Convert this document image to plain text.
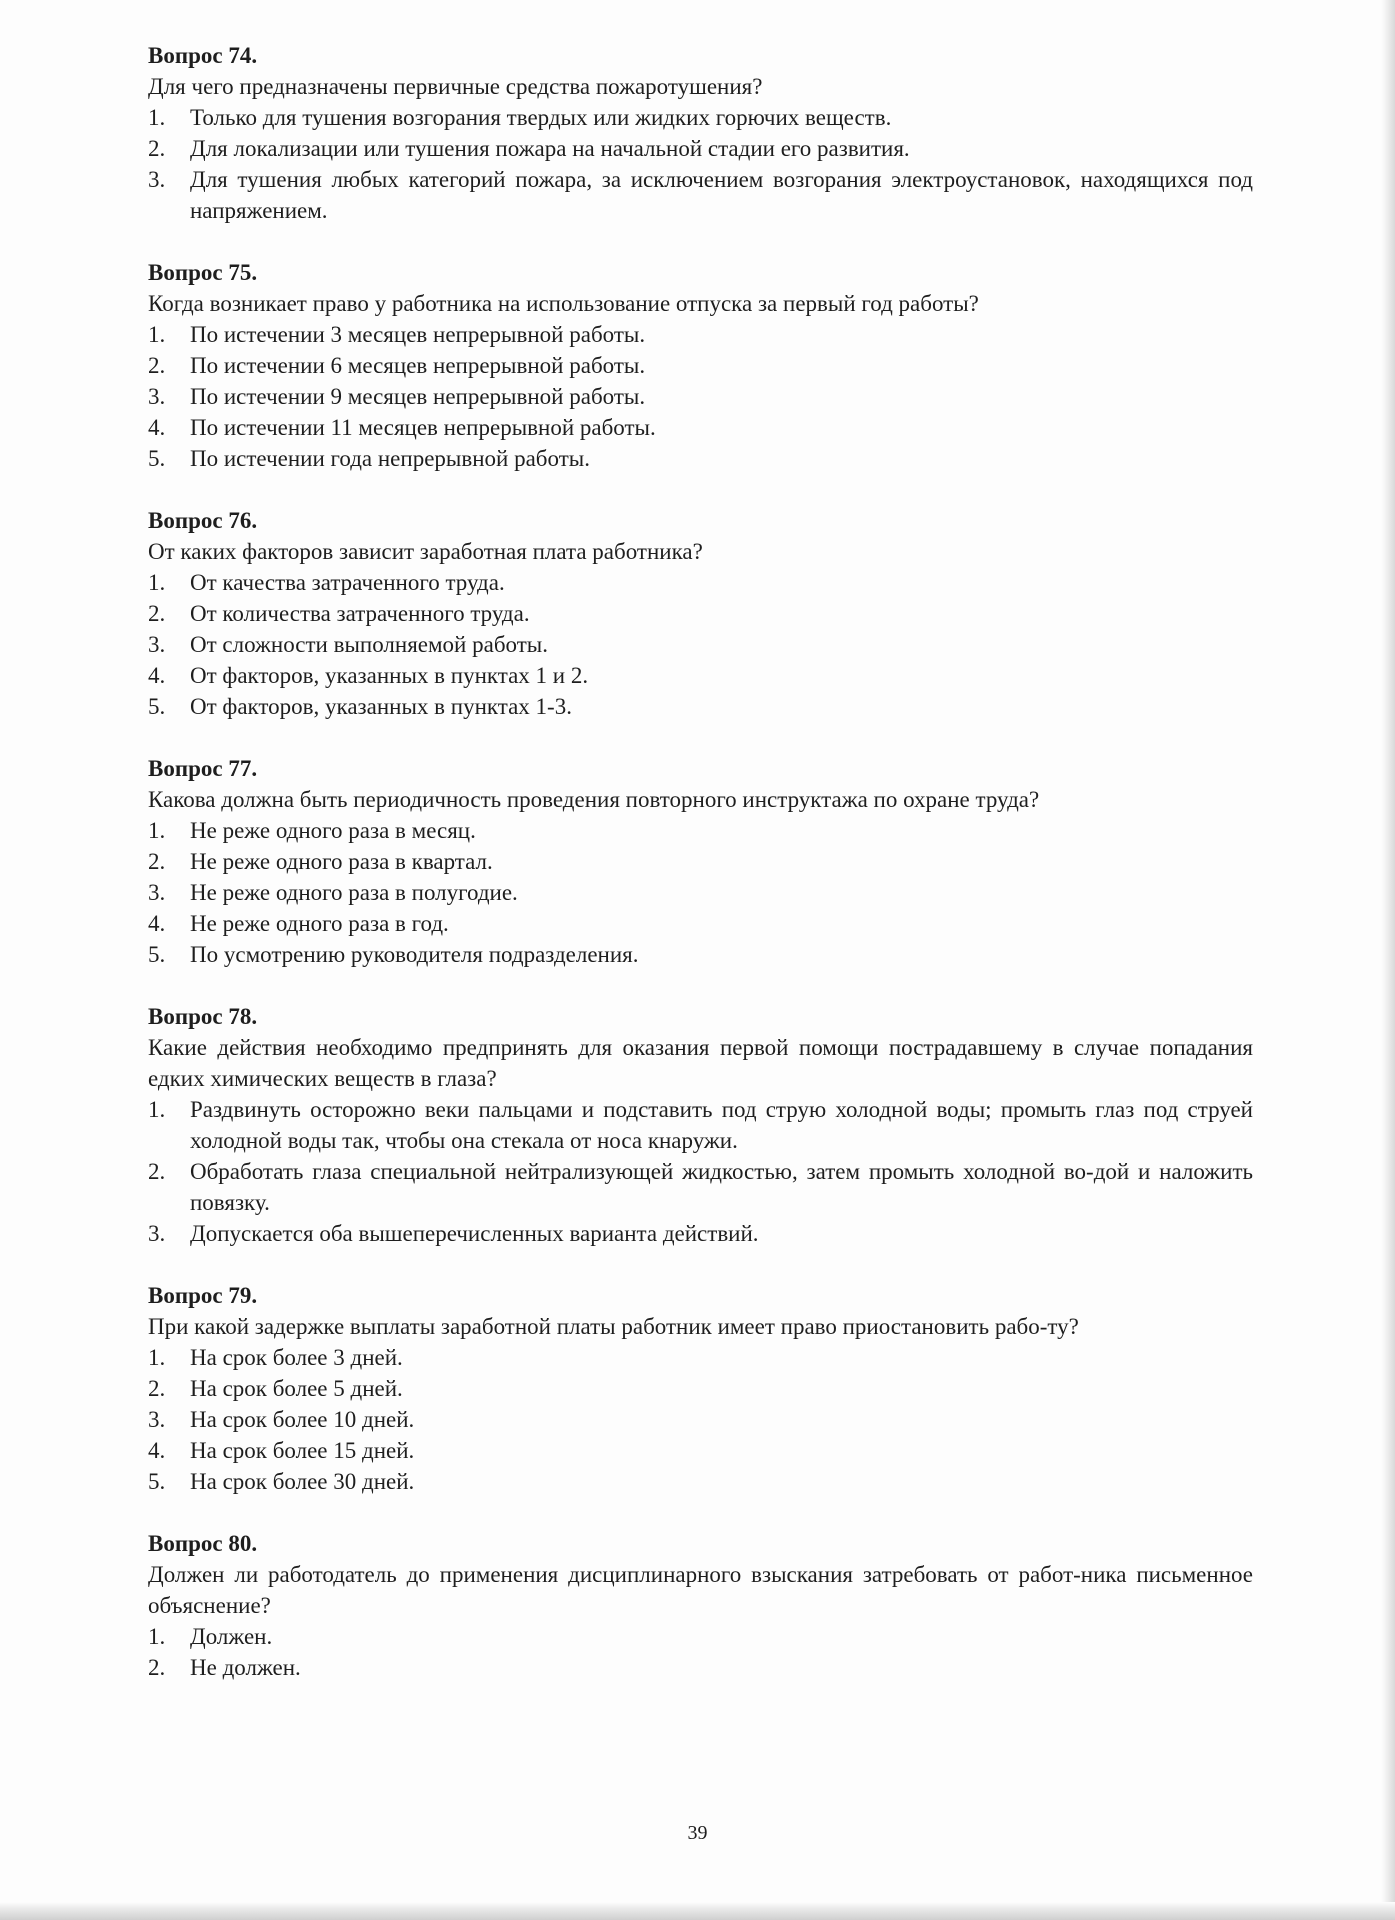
Вопрос 74.
Для чего предназначены первичные средства пожаротушения?
1.	Только для тушения возгорания твердых или жидких горючих веществ.
2.	Для локализации или тушения пожара на начальной стадии его развития.
3.	Для тушения любых категорий пожара, за исключением возгорания электроустановок, находящихся под напряжением.
Вопрос 75.
Когда возникает право у работника на использование отпуска за первый год работы?
1.	По истечении 3 месяцев непрерывной работы.
2.	По истечении 6 месяцев непрерывной работы.
3.	По истечении 9 месяцев непрерывной работы.
4.	По истечении 11 месяцев непрерывной работы.
5.	По истечении года непрерывной работы.
Вопрос 76.
От каких факторов зависит заработная плата работника?
1.	От качества затраченного труда.
2.	От количества затраченного труда.
3.	От сложности выполняемой работы.
4.	От факторов, указанных в пунктах 1 и 2.
5.	От факторов, указанных в пунктах 1-3.
Вопрос 77.
Какова должна быть периодичность проведения повторного инструктажа по охране труда?
1.	Не реже одного раза в месяц.
2.	Не реже одного раза в квартал.
3.	Не реже одного раза в полугодие.
4.	Не реже одного раза в год.
5.	По усмотрению руководителя подразделения.
Вопрос 78.
Какие действия необходимо предпринять для оказания первой помощи пострадавшему в случае попадания едких химических веществ в глаза?
1.	Раздвинуть осторожно веки пальцами и подставить под струю холодной воды; промыть глаз под струей холодной воды так, чтобы она стекала от носа кнаружи.
2.	Обработать глаза специальной нейтрализующей жидкостью, затем промыть холодной во-дой и наложить повязку.
3.	Допускается оба вышеперечисленных варианта действий.
Вопрос 79.
При какой задержке выплаты заработной платы работник имеет право приостановить рабо-ту?
1.	На срок более 3 дней.
2.	На срок более 5 дней.
3.	На срок более 10 дней.
4.	На срок более 15 дней.
5.	На срок более 30 дней.
Вопрос 80.
Должен ли работодатель до применения дисциплинарного взыскания затребовать от работ-ника письменное объяснение?
1.	Должен.
2.	Не должен.
39
